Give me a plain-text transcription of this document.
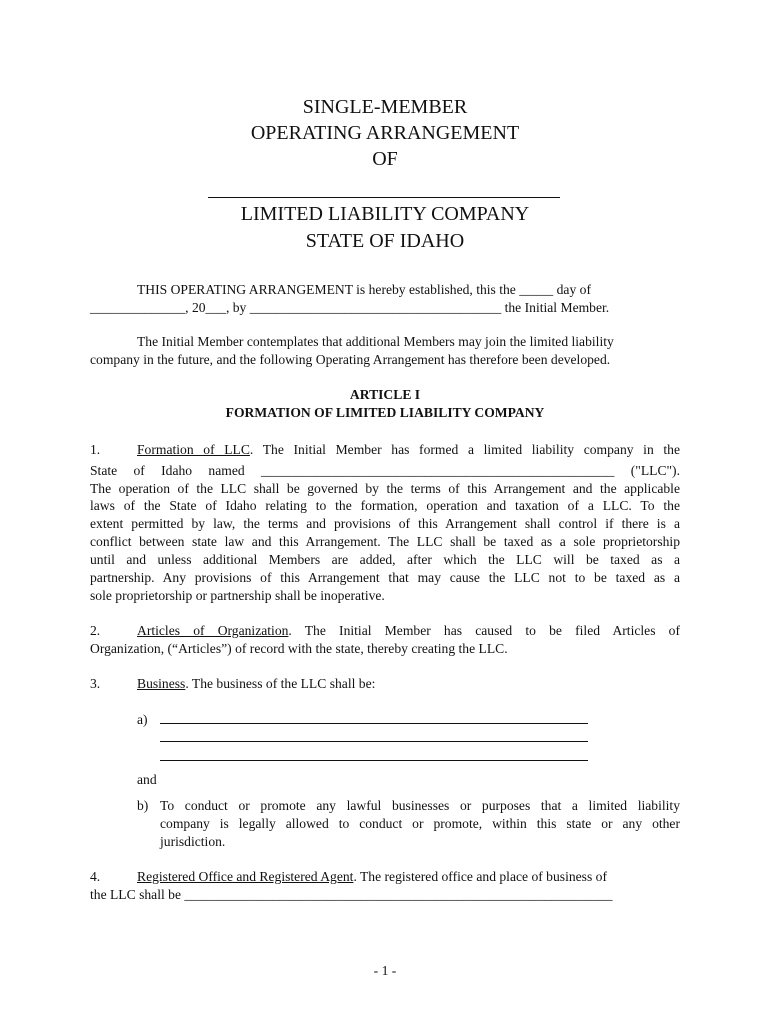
SINGLE-MEMBER
OPERATING ARRANGEMENT
OF
LIMITED LIABILITY COMPANY
STATE OF IDAHO
THIS OPERATING ARRANGEMENT is hereby established, this the _____ day of
______________, 20___, by _____________________________________ the Initial Member.
The Initial Member contemplates that additional Members may join the limited liability
company in the future, and the following Operating Arrangement has therefore been developed.
ARTICLE I
FORMATION OF LIMITED LIABILITY COMPANY
1.	Formation of LLC. The Initial Member has formed a limited liability company in the
State of Idaho named ____________________________________________________ ("LLC").
The operation of the LLC shall be governed by the terms of this Arrangement and the applicable
laws of the State of Idaho relating to the formation, operation and taxation of a LLC. To the
extent permitted by law, the terms and provisions of this Arrangement shall control if there is a
conflict between state law and this Arrangement. The LLC shall be taxed as a sole proprietorship
until and unless additional Members are added, after which the LLC will be taxed as a
partnership. Any provisions of this Arrangement that may cause the LLC not to be taxed as a
sole proprietorship or partnership shall be inoperative.
2.	Articles of Organization. The Initial Member has caused to be filed Articles of
Organization, (“Articles”) of record with the state, thereby creating the LLC.
3.	Business. The business of the LLC shall be:
a)
and
b) To conduct or promote any lawful businesses or purposes that a limited liability
company is legally allowed to conduct or promote, within this state or any other
jurisdiction.
4.	Registered Office and Registered Agent. The registered office and place of business of
the LLC shall be _______________________________________________________________
- 1 -
